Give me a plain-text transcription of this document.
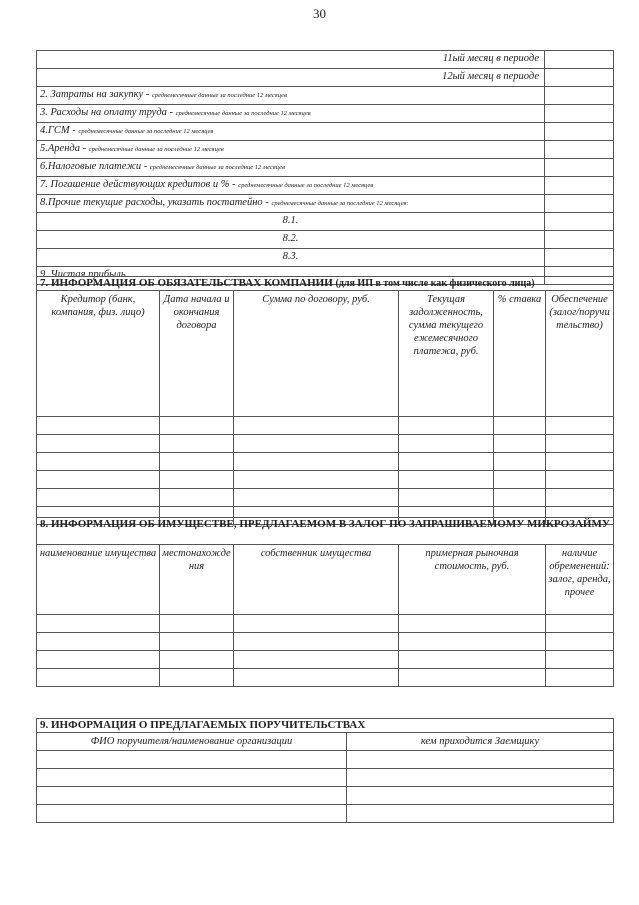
30
11ый месяц в периоде	
12ый месяц в периоде	
2. Затраты на закупку - среднемесячные данные за последние 12 месяцев	
3. Расходы на оплату труда - среднемесячные данные за последние 12 месяцев	
4.ГСМ - среднемесячные данные за последние 12 месяцев	
5.Аренда - среднемесячные данные за последние 12 месяцев	
6.Налоговые платежи - среднемесячные данные за последние 12 месяцев	
7. Погашение действующих кредитов и % - среднемесячные данные за последние 12 месяцев	
8.Прочие текущие расходы, указать постатейно - среднемесячные данные за последние 12 месяцев:	
8.1.	
8.2.	
8.3.	
9. Чистая прибыль	
7. ИНФОРМАЦИЯ ОБ ОБЯЗАТЕЛЬСТВАХ КОМПАНИИ (для ИП в том числе как физического лица)					
Кредитор (банк, компания, физ. лицо)	Дата начала и окончания договора	Сумма по договору, руб.	Текущая задолженность, сумма текущего ежемесячного платежа, руб.	% ставка	Обеспечение (залог/поручительство)

8. ИНФОРМАЦИЯ ОБ ИМУЩЕСТВЕ, ПРЕДЛАГАЕМОМ В ЗАЛОГ ПО ЗАПРАШИВАЕМОМУ МИКРОЗАЙМУ				
наименование имущества	местонахождения	собственник имущества	примерная рыночная стоимость, руб.	наличие обременений: залог, аренда, прочее

9. ИНФОРМАЦИЯ О ПРЕДЛАГАЕМЫХ ПОРУЧИТЕЛЬСТВАХ	
ФИО поручителя/наименование организации	кем приходится Заемщику
